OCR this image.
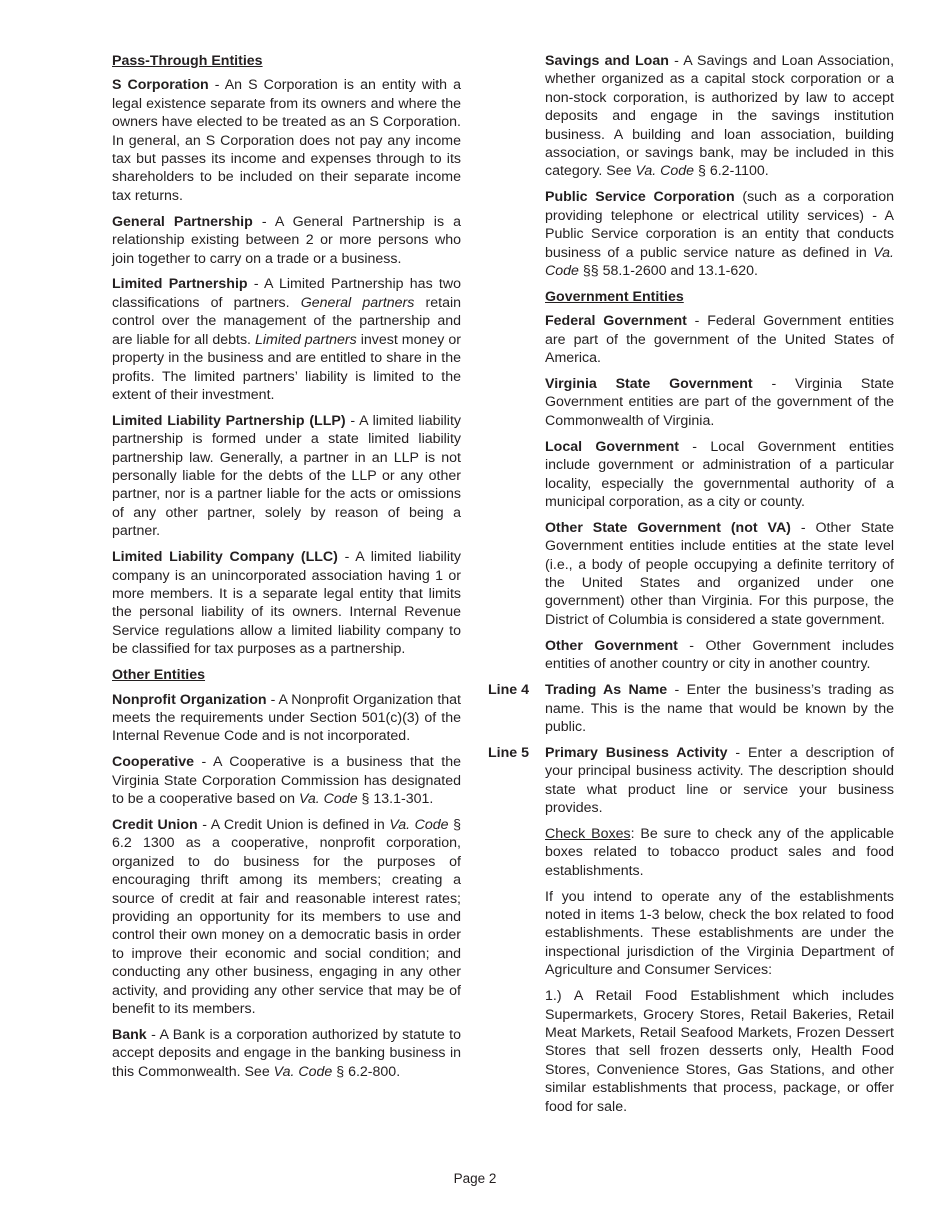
Pass-Through Entities

S Corporation - An S Corporation is an entity with a legal existence separate from its owners and where the owners have elected to be treated as an S Corporation. In general, an S Corporation does not pay any income tax but passes its income and expenses through to its shareholders to be included on their separate income tax returns.

General Partnership - A General Partnership is a relationship existing between 2 or more persons who join together to carry on a trade or a business.

Limited Partnership - A Limited Partnership has two classifications of partners. General partners retain control over the management of the partnership and are liable for all debts. Limited partners invest money or property in the business and are entitled to share in the profits. The limited partners’ liability is limited to the extent of their investment.

Limited Liability Partnership (LLP) - A limited liability partnership is formed under a state limited liability partnership law. Generally, a partner in an LLP is not personally liable for the debts of the LLP or any other partner, nor is a partner liable for the acts or omissions of any other partner, solely by reason of being a partner.

Limited Liability Company (LLC) - A limited liability company is an unincorporated association having 1 or more members. It is a separate legal entity that limits the personal liability of its owners. Internal Revenue Service regulations allow a limited liability company to be classified for tax purposes as a partnership.

Other Entities

Nonprofit Organization - A Nonprofit Organization that meets the requirements under Section 501(c)(3) of the Internal Revenue Code and is not incorporated.

Cooperative - A Cooperative is a business that the Virginia State Corporation Commission has designated to be a cooperative based on Va. Code § 13.1-301.

Credit Union - A Credit Union is defined in Va. Code § 6.2 1300 as a cooperative, nonprofit corporation, organized to do business for the purposes of encouraging thrift among its members; creating a source of credit at fair and reasonable interest rates; providing an opportunity for its members to use and control their own money on a democratic basis in order to improve their economic and social condition; and conducting any other business, engaging in any other activity, and providing any other service that may be of benefit to its members.

Bank - A Bank is a corporation authorized by statute to accept deposits and engage in the banking business in this Commonwealth. See Va. Code § 6.2-800.

Savings and Loan - A Savings and Loan Association, whether organized as a capital stock corporation or a non-stock corporation, is authorized by law to accept deposits and engage in the savings institution business. A building and loan association, building association, or savings bank, may be included in this category. See Va. Code § 6.2-1100.

Public Service Corporation (such as a corporation providing telephone or electrical utility services) - A Public Service corporation is an entity that conducts business of a public service nature as defined in Va. Code §§ 58.1-2600 and 13.1-620.

Government Entities

Federal Government - Federal Government entities are part of the government of the United States of America.

Virginia State Government - Virginia State Government entities are part of the government of the Commonwealth of Virginia.

Local Government - Local Government entities include government or administration of a particular locality, especially the governmental authority of a municipal corporation, as a city or county.

Other State Government (not VA) - Other State Government entities include entities at the state level (i.e., a body of people occupying a definite territory of the United States and organized under one government) other than Virginia. For this purpose, the District of Columbia is considered a state government.

Other Government - Other Government includes entities of another country or city in another country.

Line 4	Trading As Name - Enter the business’s trading as name. This is the name that would be known by the public.
Line 5	Primary Business Activity - Enter a description of your principal business activity. The description should state what product line or service your business provides.

Check Boxes: Be sure to check any of the applicable boxes related to tobacco product sales and food establishments.

If you intend to operate any of the establishments noted in items 1-3 below, check the box related to food establishments. These establishments are under the inspectional jurisdiction of the Virginia Department of Agriculture and Consumer Services:

1.) A Retail Food Establishment which includes Supermarkets, Grocery Stores, Retail Bakeries, Retail Meat Markets, Retail Seafood Markets, Frozen Dessert Stores that sell frozen desserts only, Health Food Stores, Convenience Stores, Gas Stations, and other similar establishments that process, package, or offer food for sale.

Page 2
